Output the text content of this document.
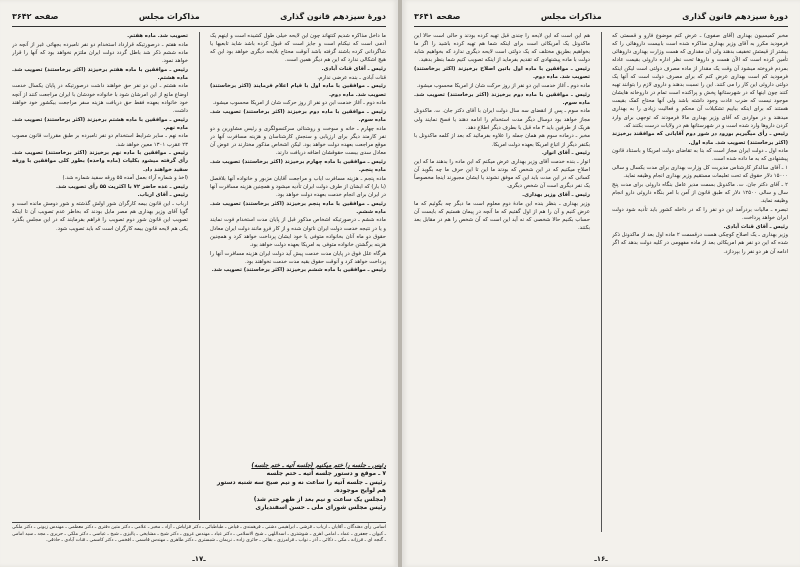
دورهٔ سیزدهم قانون گذاری
مذاکرات مجلس
صفحه ۳۶۴۲

ما داخل مذاکره شدیم کنتهاند چون این لایحه خیلی طول کشیده است و اینهم یک آدمی است که نیکنام است و جایز است که قبول کرده باشد شاید تابعیها یا شاگردانی کرده باشند گرفته باشد آنوقت محتاج بلایحه دیگری خواهد بود این که هیچ اشکالی ندارد که این هم دیگر همین است.

رئیس ـ آقای قنات آبادی.

قنات آبادی ـ بنده عرضی ندارم.

رئیس ـ موافقین با ماده اول با قیام اعلام فرمایند (اکثر برخاستند) تصویب شد. ماده دوم.

ماده دوم ـ آغاز خدمت این دو نفر از روز حرکت شان از امریکا محسوب میشود.

رئیس ـ موافقین با ماده دوم برخیزند (اکثر برخاستند) تصویب شد. ماده سوم.

ماده چهارم ـ خانه و سوخت و روشنائی سرکنسولگری و رئیس مشاورین و دو نفر کارمند دیگر برای ارزیابی و سنجش کارشناسان و هزینه مسافرت آنها در موقع مراجعت بعهده دولت خواهد بود. لیکن اشخاص مذکور مختارند در عوض آن معادل سدی بیست حقوقشان اضافه دریافت دارند.

رئیس ـ موافقین با ماده چهارم برخیزند (اکثر برخاستند) تصویب شد. ماده پنجم.

ماده پنجم ـ هزینه مسافرت ایاب و مراجعت آقایان مزبور و خانواده آنها بلافصل (با بار) که ایشان از طرف دولت ایران تأدیه میشود و همچنین هزینه مسافرت آنها در ایران برای انجام خدمت بعهده دولت خواهد بود.

رئیس ـ موافقین با ماده پنجم برخیزند (اکثر برخاستند) تصویب شد. ماده ششم.

ماده ششم ـ درصورتیکه اشخاص مذکور قبل از پایان مدت استخدام فوت نمایند و یا در نتیجه خدمت دولت ایران ناتوان شده و از کار فرو مانند دولت ایران معادل حقوق دو ماه آنان بخانواده متوفی یا خود ایشان پرداخت خواهد کرد و همچنین هزینه برگشتن خانواده متوفی به امریکا بعهده دولت خواهد بود.

هرگاه علل فوق در پایان مدت خدمت پیش آید دولت ایران هزینه مسافرت آنها را پرداخت خواهد کرد و آنوقت حقوق بقیه مدت خدمت نخواهند بود.

رئیس ـ موافقین با ماده ششم برخیزند (اکثر برخاستند) تصویب شد.

تصویب شد. ماده هفتم.

ماده هفتم ـ درصورتیکه قرارداد استخدام دو نفر نامبرده بجهاتی غیر از آنچه در ماده ششم ذکر شد باطل گردد دولت ایران ملتزم نخواهد بود که آنها را قرار خواهد نمود.

رئیس ـ موافقین با ماده هفتم برخیزند (اکثر برخاستند) تصویب شد. ماده هشتم.

ماده هشتم ـ این دو نفر حق خواهند داشت درصورتیکه در پایان یکسال خدمت اوضاع مانع از این امرشان شود با خانواده خودشان با ایران مراجعت کنند از آنچه خود خانواده بعهده فقط حق دریافت هزینه سفر مراجعت بیکشور خود خواهند داشت.

رئیس ـ موافقین با ماده هشتم برخیزند (اکثر برخاستند) تصویب شد. ماده نهم.

ماده نهم ـ سایر شرایط استخدام دو نفر نامبرده بر طبق مقررات قانون مصوب ۲۳ عقرب ۱۳۰۱ معین خواهد شد.

رئیس ـ موافقین با ماده نهم برخیزند (اکثر برخاستند) تصویب شد. رأی گرفته میشود بکلیات (ماده واحده) بطور کلی موافقین با ورقه سفید خواهند داد.

(اخذ و شماره آراء بعمل آمده ۵۵ ورقه سفید شماره شد.)

رئیس ـ عده حاضر ۷۲ با اکثریت ۵۵ رأی تصویب شد.

رئیس ـ آقای ارباب.

ارباب ـ این قانون بیمه کارگران شور اولش گذشته و شور دومش مانده است و گویا آقای وزیر بهداری هم مصر مایل بودند که بخاطر عدم تصویب آن تا اینکه تصویب این قانون شور دوم تصویب را فراهم بفرمایند که در این مجلس بگذرد یکی هم لایحه قانون بیمه کارگران است که باید تصویب شود.

رئیس ـ جلسه را ختم میکنیم (جلسه آتیه ـ ختم جلسه)
۷ ـ موقع و دستور جلسه آتیه ـ ختم جلسه
رئیس ـ جلسه آتیه را ساعت نه و نیم صبح سه شنبه دستور
هم لوایح موجوده.
(مجلس یک ساعت و نیم بعد از ظهر ختم شد)
رئیس مجلس شورای ملی ـ حسن اسفندیاری
اسامی رأی دهندگان ـ آقایان ـ ارباب ـ قرشی ـ ابراهیمی دشتی ـ فرهمندی ـ فیاض ـ طباطبائی ـ دکتر قزلباش ـ آزاد ـ مخبر ـ علامی ـ دکتر متین دفتری ـ دکتر معظمی ـ مهندس زبونی ـ دکتر ملکی ـ کیوان ـ جعفری ـ عماد ـ امامی اهری ـ شوشتری ـ اسداللهی ـ شیخ الاسلامی ـ دکتر عیاد ـ مهندس غروی ـ دکتر شیخ ـ مشایخی ـ پالیزی ـ شیخ ـ عباسی ـ دکتر ملکی ـ حریری ـ مجد ـ سید امامی ـ گنجه ای ـ فرزانه ـ مکی ـ ذکائی ـ آذر ـ نواب ـ فرامرزی ـ بقائی ـ حائری زاده ـ نریمان ـ شبستری ـ دکتر طاهری ـ مهندس قاسمی ـ افخمی ـ دکتر کاسمی ـ قنات آبادی ـ حاذقی.
ـ۱۷ـ
دورهٔ سیزدهم قانون گذاری
مذاکرات مجلس
صفحه ۳۶۴۱

مخبر کمیسیون بهداری (آقای صفوی) ـ عرض کنم موضوع فارو و قسمتی که فرمودید مکرر به آقای وزیر بهداری مذاکره شده است بابیست داروهائی را که بیشتر از قیمتش تخفیف بدهند ولی آن مقداری که هست وزارت بهداری داروهائی تأمین کرده است که الآن هست و داروها تحت نظر اداره داروئی بقیمت عادله بمردم فروخته میشود آن وقت یک مقدار از ماده مصرف دولتی است لیکن اینکه فرمودید کم است بهداری عرض کنم که برای مصرف دولت است که آنها یک دولتی داروئی این کار را می کنند. این را نسبت بدهند و داروی لازم را بتوانند تهیه کنند چون اینها که در شهرستانها پخش و پراکنده است تمام در داروخانه هایشان موجود نیست که ضرب عادت وجود داشته باشد ولی آنها محتاج کمک بقیمت هستند که برای اینکه بیاییم تشکیلات آن محکم و فعالیت زیادی را به بهداری میدهند و در مواردی که آقای وزیر بهداری مالا فرمودند که توجهی برای وارد کردن داروها وارد شده است و در شهرستانها هم در ولایات درست بکنند که.

رئیس ـ رأی میگیریم بورود در شور دوم آقایانی که موافقند برخیزند (اکثر برخاستند) تصویب شد. ماده اول.

ماده اول ـ دولت ایران مجاز است که بنا به تقاضای دولت امریکا و باستناد قانون پیشنهادی که به ما داده شده است.

۱ ـ آقای سالدکر کارشناس مدیریت کل وزارت بهداری برای مدت یکسال و سالی ۱۵۰۰۰ دلار حقوق که تحت تعلیمات مستقیم وزیر بهداری انجام وظیفه نماید.

۲ ـ آقای دکتر جان. ت. ماکدونل بسمت مدیر عامل بنگاه داروئی برای مدت پنج سال و سالی ۱۲۵۰۰ دلار که طبق قانون از آمن با امر بنگاه داروئی دارو انجام وظیفه نماید.

تبصره ـ مالیات بردرآمد این دو نفر را که در داخله کشور باید تأدیه شود دولت ایران خواهد پرداخت.

رئیس ـ آقای قنات آبادی.

وزیر بهداری ـ یک اصلاح کوچکی هست درقسمت ۲ ماده اول بعد از ماکدونل ذکر شده که این دو نفر هم امریکائی بعد از ماده مفهومی در کلیه دولت بدهد که اگر ادامه آن هر دو نفر را بپردازد.

هم این است که این لایحه را چندی قبل تهیه کرده بودند و حالی است حالا این ماکدونل یک آمریکائی است برای اینکه شما هم تهیه کرده باشید را اگر ما بخواهیم بطریق مختلف که یک دولتی است لایحه دیگری ندارد که بخواهیم شاید دولت با ماده پیشنهادی که تقدیم بفرماید از اینکه تصویب کنیم شما بنظر بدهید.

رئیس ـ موافقین با ماده اول باتین اصلاح برخیزند (اکثر برخاستند) تصویب شد. ماده دوم.

ماده دوم ـ آغاز خدمت این دو نفر از روز حرکت شان از امریکا محسوب میشود.

رئیس ـ موافقین با ماده دوم برخیزند (اکثر برخاستند) تصویب شد. ماده سوم.

ماده سوم ـ پس از انقضای سه سال دولت ایران با آقای دکتر جان. ت. ماکدونل مجاز خواهد بود دوسال دیگر مدت استخدام را ادامه دهند یا فسخ نمایند ولی هریک از طرفین باید ۳ ماه قبل یا بطرف دیگر اطلاع دهد.

مخبر ـ درماده سوم هم همان جمله را علاوه بفرمائید که بعد از کلمه ماکدونل با بکنفر دیگر از اتباع امریکا بعهده دولت امریکا.

رئیس ـ آقای انوار.

انوار ـ بنده خدمت آقای وزیر بهداری عرض میکنم که این ماده را بدهند ما که این اصلاح میکنیم که در این شخص که بودند ما این تا این حرف ما چه بگوید آن کسانی که در این مدت باید این که موفق نشوند یا ایشان مجبورند اینجا مخصوصاً یک نفر دیگری است آن شخص دیگری.

رئیس ـ آقای وزیر بهداری.

وزیر بهداری ـ بنظر بنده این مادهٔ دوم معلوم است ما دیگر چه بگوئیم که ما عرض کنیم و آن را هم از اول گفتیم که ما آنچه در پیمان هستیم که بایست آن حساب بکنیم حالا شخصی که نه آید این است که آن شخص را هم در مقابل بعد بکنند.

ـ۱۶ـ
